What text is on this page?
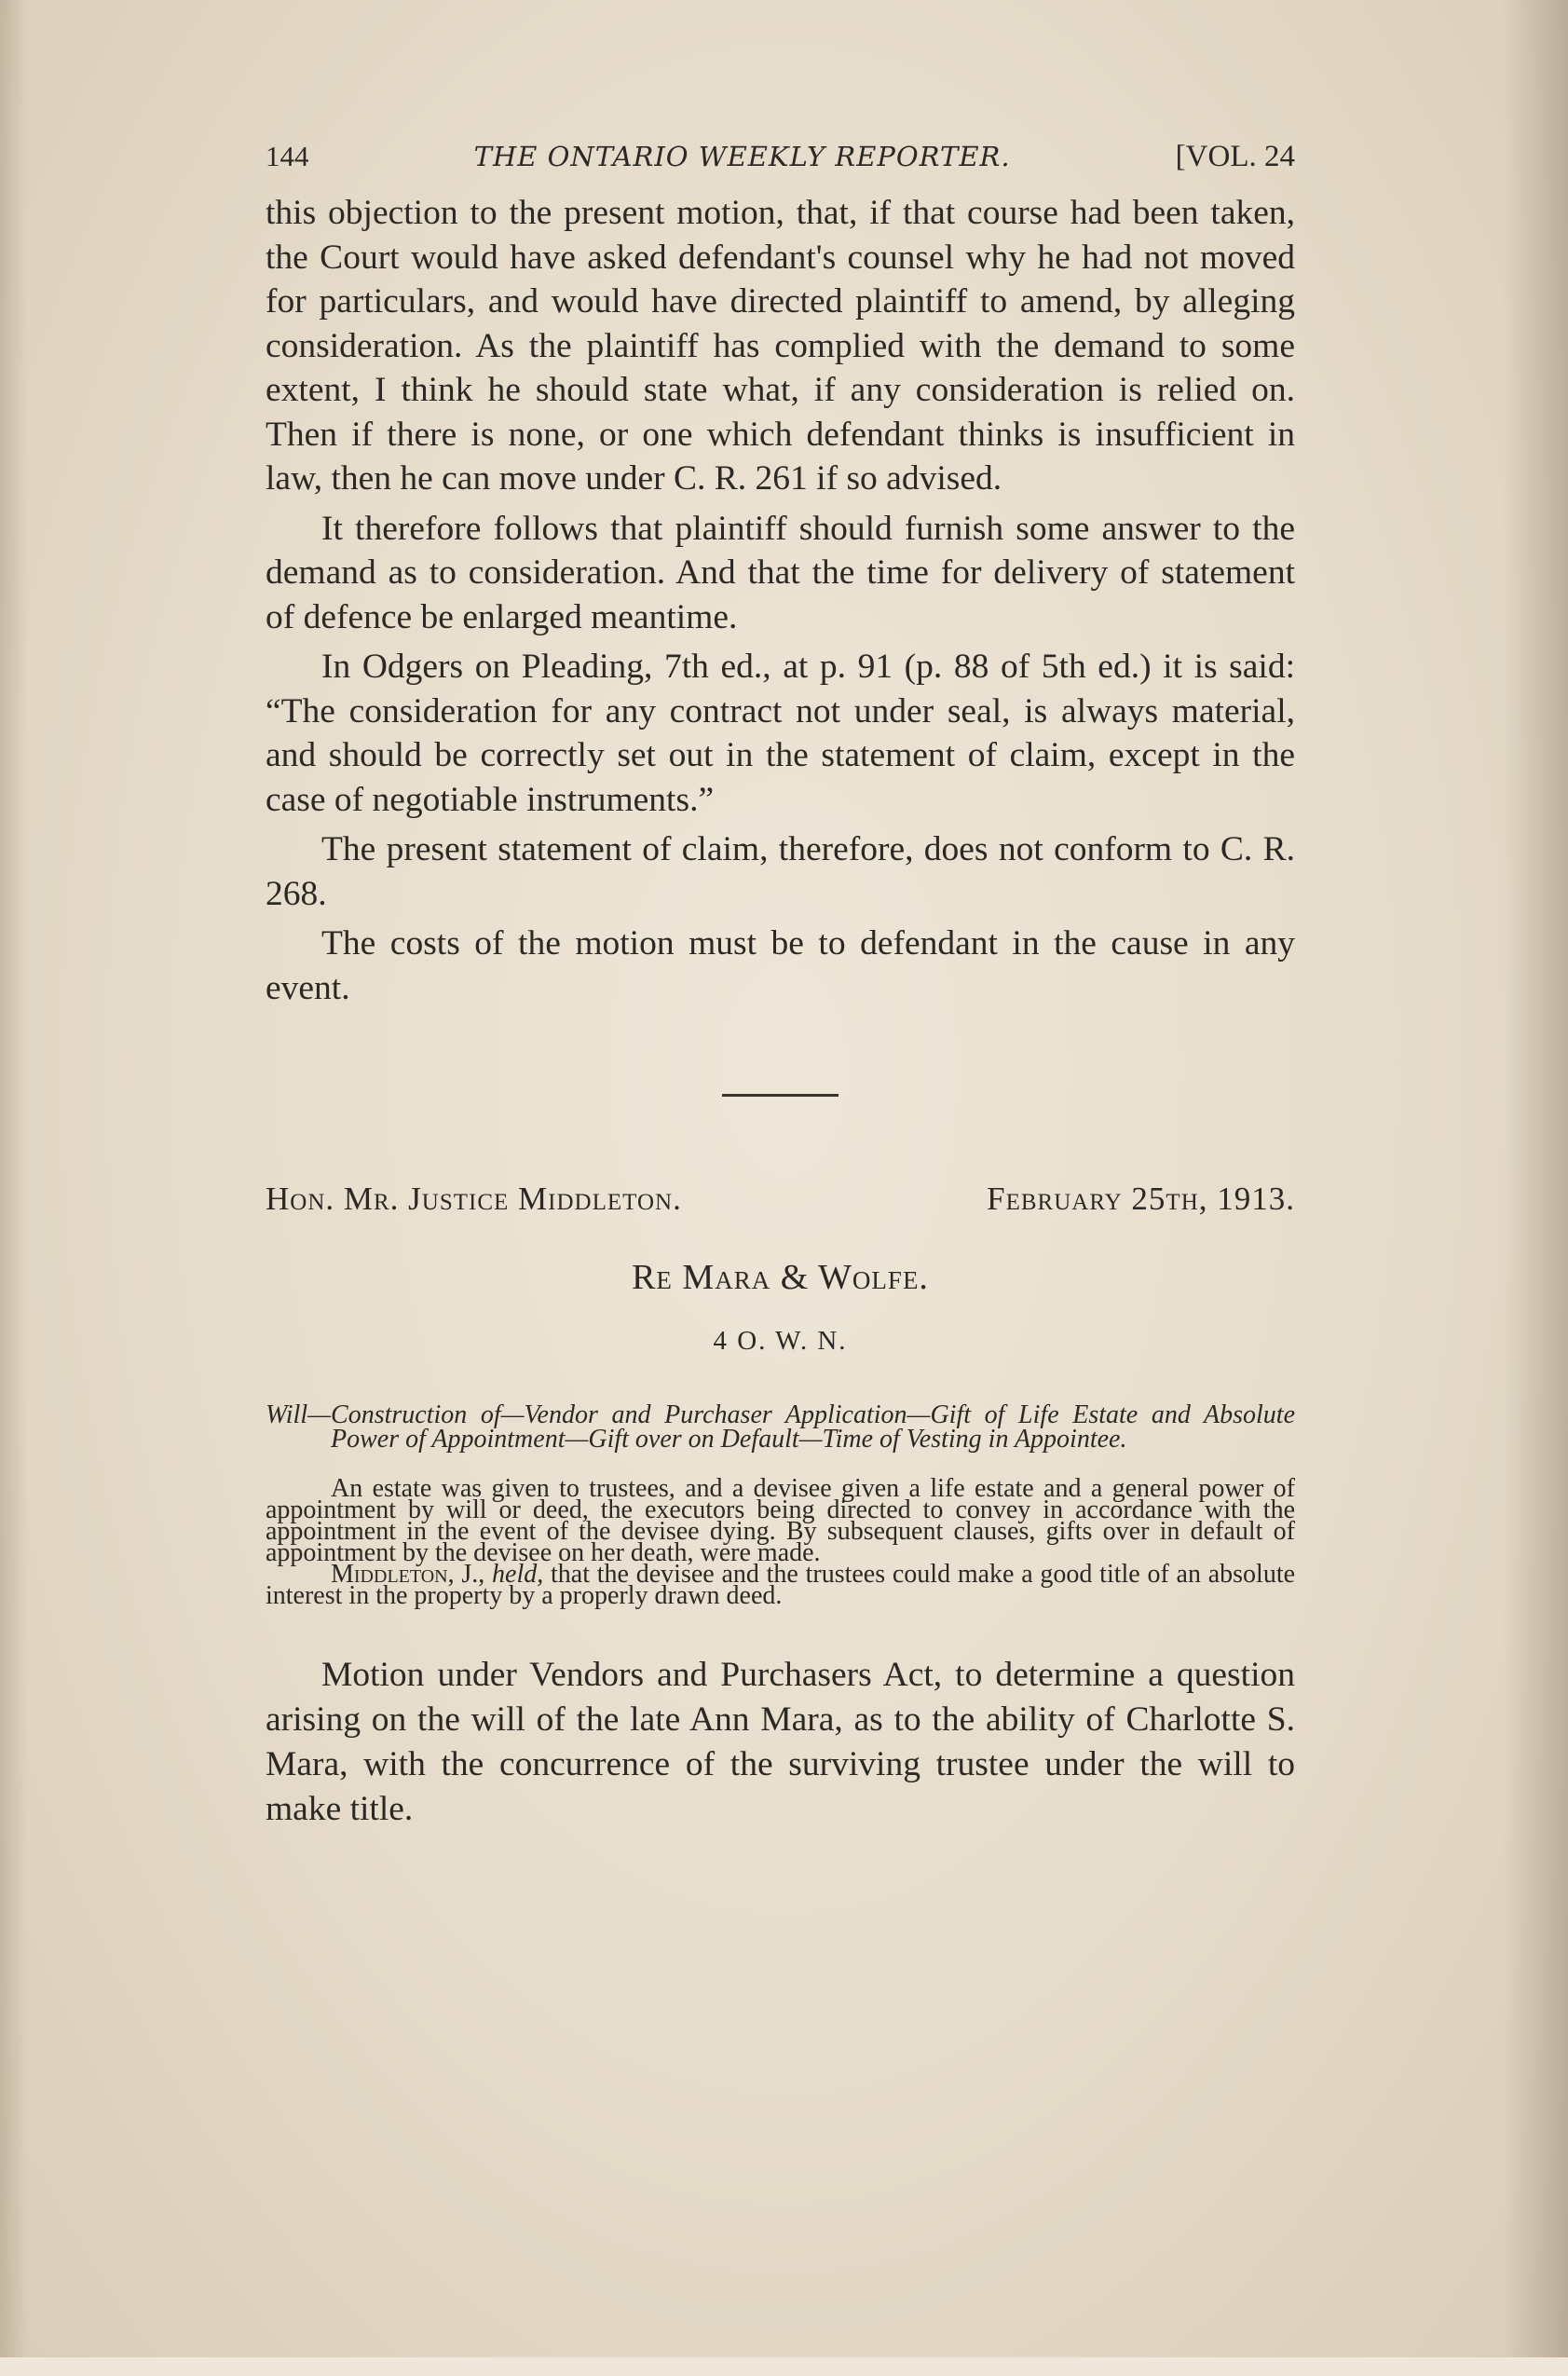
144	THE ONTARIO WEEKLY REPORTER.	[VOL. 24

this objection to the present motion, that, if that course had been taken, the Court would have asked defendant's counsel why he had not moved for particulars, and would have directed plaintiff to amend, by alleging consideration. As the plaintiff has complied with the demand to some extent, I think he should state what, if any consideration is relied on. Then if there is none, or one which defendant thinks is insufficient in law, then he can move under C. R. 261 if so advised.

It therefore follows that plaintiff should furnish some answer to the demand as to consideration. And that the time for delivery of statement of defence be enlarged meantime.

In Odgers on Pleading, 7th ed., at p. 91 (p. 88 of 5th ed.) it is said: “The consideration for any contract not under seal, is always material, and should be correctly set out in the statement of claim, except in the case of negotiable instruments.”

The present statement of claim, therefore, does not conform to C. R. 268.

The costs of the motion must be to defendant in the cause in any event.

Hon. Mr. Justice Middleton.	February 25th, 1913.
Re Mara & Wolfe.
4 O. W. N.
Will—Construction of—Vendor and Purchaser Application—Gift of Life Estate and Absolute Power of Appointment—Gift over on Default—Time of Vesting in Appointee.

An estate was given to trustees, and a devisee given a life estate and a general power of appointment by will or deed, the executors being directed to convey in accordance with the appointment in the event of the devisee dying. By subsequent clauses, gifts over in default of appointment by the devisee on her death, were made.

Middleton, J., held, that the devisee and the trustees could make a good title of an absolute interest in the property by a properly drawn deed.

Motion under Vendors and Purchasers Act, to determine a question arising on the will of the late Ann Mara, as to the ability of Charlotte S. Mara, with the concurrence of the surviving trustee under the will to make title.
